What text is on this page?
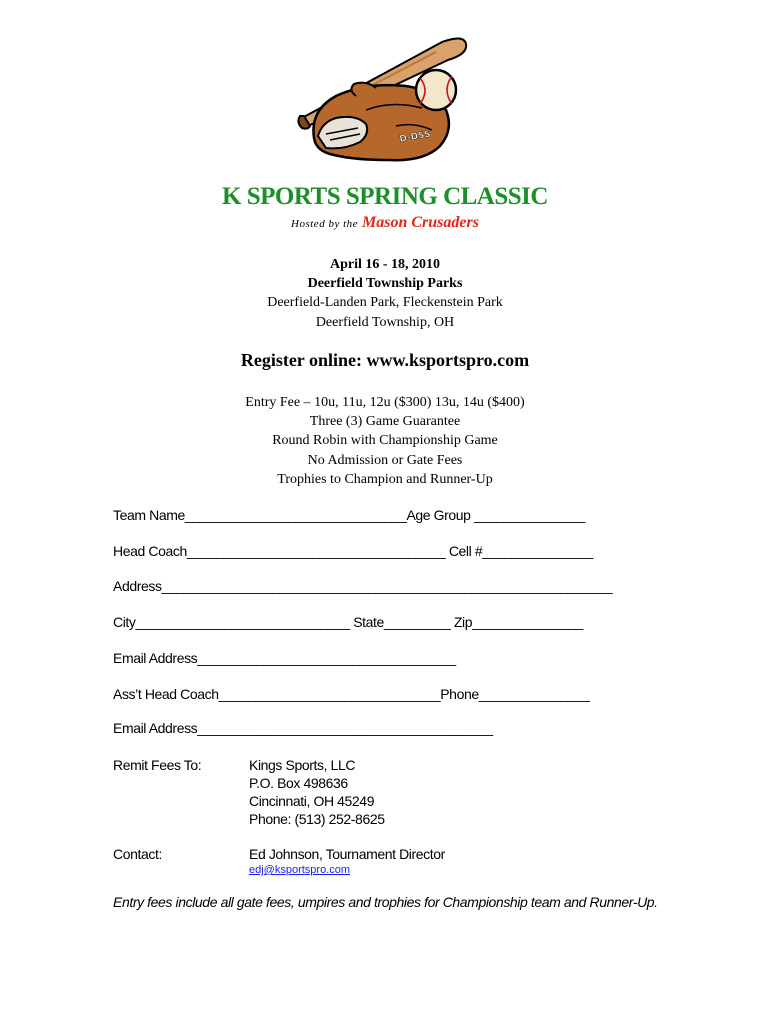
D-DSS
K SPORTS SPRING CLASSIC
Hosted by the Mason Crusaders
April 16 - 18, 2010
Deerfield Township Parks
Deerfield-Landen Park, Fleckenstein Park
Deerfield Township, OH
Register online: www.ksportspro.com
Entry Fee – 10u, 11u, 12u ($300) 13u, 14u ($400)
Three (3) Game Guarantee
Round Robin with Championship Game
No Admission or Gate Fees
Trophies to Champion and Runner-Up
Team Name______________________________Age Group _______________
Head Coach___________________________________ Cell #_______________
Address_____________________________________________________________
City_____________________________ State_________ Zip_______________
Email Address___________________________________
Ass’t Head Coach______________________________Phone_______________
Email Address________________________________________
Remit Fees To:	Kings Sports, LLC
P.O. Box 498636
Cincinnati, OH 45249
Phone: (513) 252-8625
Contact:	Ed Johnson, Tournament Director
edj@ksportspro.com
Entry fees include all gate fees, umpires and trophies for Championship team and Runner-Up.
